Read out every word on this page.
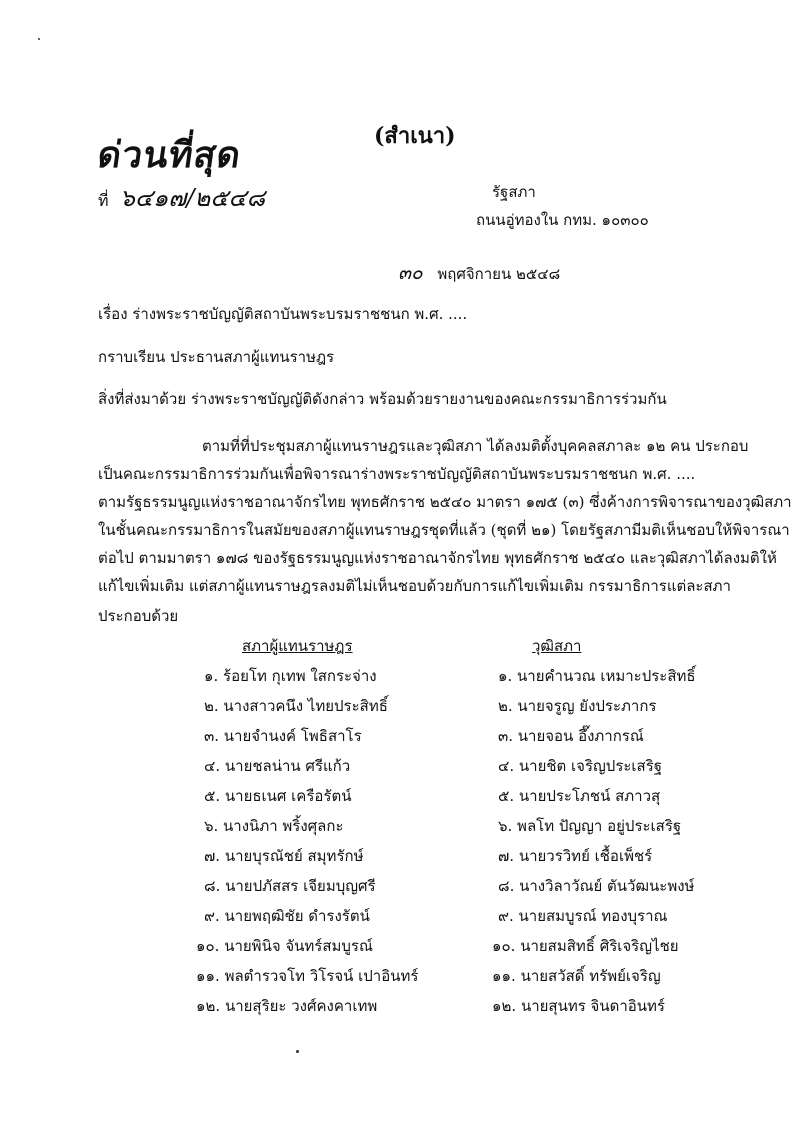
ด่วนที่สุด
ที่ ๖๔๑๗/๒๕๔๘
(สำเนา)
รัฐสภา
ถนนอู่ทองใน กทม. ๑๐๓๐๐
๓๐ พฤศจิกายน ๒๕๔๘
เรื่อง ร่างพระราชบัญญัติสถาบันพระบรมราชชนก พ.ศ. ....
กราบเรียน ประธานสภาผู้แทนราษฎร
สิ่งที่ส่งมาด้วย ร่างพระราชบัญญัติดังกล่าว พร้อมด้วยรายงานของคณะกรรมาธิการร่วมกัน
ตามที่ที่ประชุมสภาผู้แทนราษฎรและวุฒิสภา ได้ลงมติตั้งบุคคลสภาละ ๑๒ คน ประกอบ
เป็นคณะกรรมาธิการร่วมกันเพื่อพิจารณาร่างพระราชบัญญัติสถาบันพระบรมราชชนก พ.ศ. ....
ตามรัฐธรรมนูญแห่งราชอาณาจักรไทย พุทธศักราช ๒๕๔๐ มาตรา ๑๗๕ (๓) ซึ่งค้างการพิจารณาของวุฒิสภา
ในชั้นคณะกรรมาธิการในสมัยของสภาผู้แทนราษฎรชุดที่แล้ว (ชุดที่ ๒๑) โดยรัฐสภามีมติเห็นชอบให้พิจารณา
ต่อไป ตามมาตรา ๑๗๘ ของรัฐธรรมนูญแห่งราชอาณาจักรไทย พุทธศักราช ๒๕๔๐ และวุฒิสภาได้ลงมติให้
แก้ไขเพิ่มเติม แต่สภาผู้แทนราษฎรลงมติไม่เห็นชอบด้วยกับการแก้ไขเพิ่มเติม กรรมาธิการแต่ละสภา
ประกอบด้วย
สภาผู้แทนราษฎร	วุฒิสภา
๑. ร้อยโท กุเทพ ใสกระจ่าง
๒. นางสาวคนึง ไทยประสิทธิ์
๓. นายจำนงค์ โพธิสาโร
๔. นายชลน่าน ศรีแก้ว
๕. นายธเนศ เครือรัตน์
๖. นางนิภา พริ้งศุลกะ
๗. นายบุรณัชย์ สมุทรักษ์
๘. นายปภัสสร เจียมบุญศรี
๙. นายพฤฒิชัย ดำรงรัตน์
๑๐. นายพินิจ จันทร์สมบูรณ์
๑๑. พลตำรวจโท วิโรจน์ เปาอินทร์
๑๒. นายสุริยะ วงศ์คงคาเทพ
๑. นายคำนวณ เหมาะประสิทธิ์
๒. นายจรูญ ยังประภากร
๓. นายจอน อึ๊งภากรณ์
๔. นายชิต เจริญประเสริฐ
๕. นายประโภชน์ สภาวสุ
๖. พลโท ปัญญา อยู่ประเสริฐ
๗. นายวรวิทย์ เชื้อเพ็ชร์
๘. นางวิลาวัณย์ ตันวัฒนะพงษ์
๙. นายสมบูรณ์ ทองบุราณ
๑๐. นายสมสิทธิ์ ศิริเจริญไชย
๑๑. นายสวัสดิ์ ทรัพย์เจริญ
๑๒. นายสุนทร จินดาอินทร์
